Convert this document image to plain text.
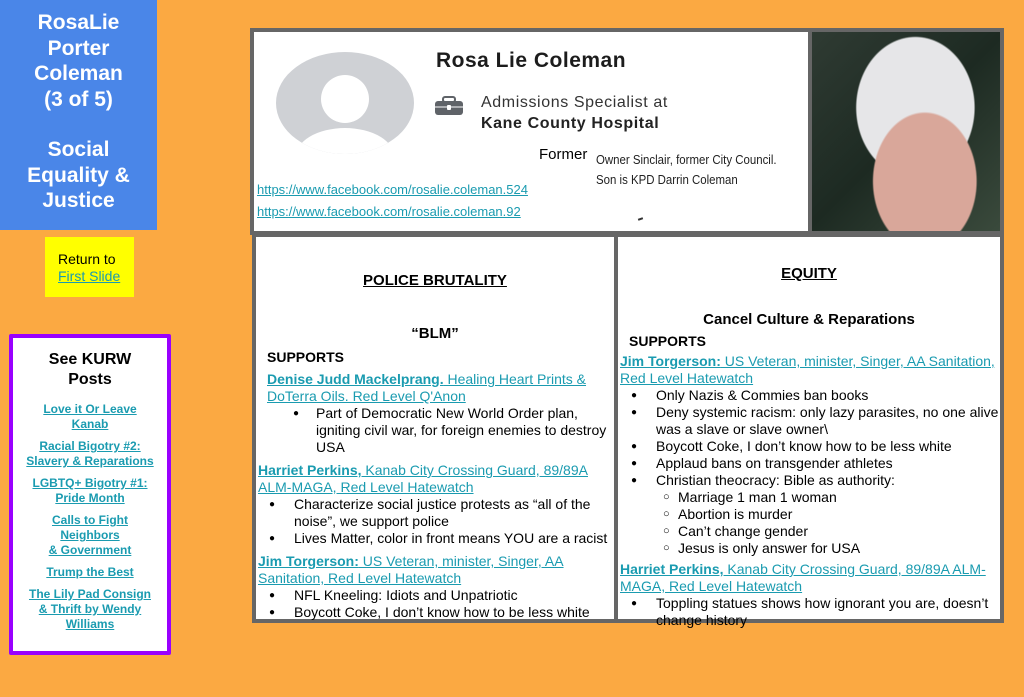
RosaLie
Porter
Coleman
(3 of 5)
Social
Equality &
Justice
Return to
First Slide
See KURW
Posts
Love it Or Leave
Kanab
Racial Bigotry #2:
Slavery & Reparations
LGBTQ+ Bigotry #1:
Pride Month
Calls to Fight
Neighbors
& Government
Trump the Best
The Lily Pad Consign
& Thrift by Wendy
Williams
Rosa Lie Coleman
Admissions Specialist at
Kane County Hospital
Former Owner Sinclair, former City Council.
Son is KPD Darrin Coleman
https://www.facebook.com/rosalie.coleman.524
https://www.facebook.com/rosalie.coleman.92
POLICE BRUTALITY
“BLM”
SUPPORTS
Denise Judd Mackelprang. Healing Heart Prints & DoTerra Oils. Red Level Q'Anon
● Part of Democratic New World Order plan, igniting civil war, for foreign enemies to destroy USA
Harriet Perkins, Kanab City Crossing Guard, 89/89A ALM-MAGA, Red Level Hatewatch
● Characterize social justice protests as “all of the noise”, we support police
● Lives Matter, color in front means YOU are a racist
Jim Torgerson: US Veteran, minister, Singer, AA Sanitation, Red Level Hatewatch
● NFL Kneeling: Idiots and Unpatriotic
● Boycott Coke, I don’t know how to be less white
EQUITY
Cancel Culture & Reparations
SUPPORTS
Jim Torgerson: US Veteran, minister, Singer, AA Sanitation, Red Level Hatewatch
● Only Nazis & Commies ban books
● Deny systemic racism: only lazy parasites, no one alive was a slave or slave owner\
● Boycott Coke, I don’t know how to be less white
● Applaud bans on transgender athletes
● Christian theocracy: Bible as authority:
○ Marriage 1 man 1 woman
○ Abortion is murder
○ Can’t change gender
○ Jesus is only answer for USA
Harriet Perkins, Kanab City Crossing Guard, 89/89A ALM-MAGA, Red Level Hatewatch
● Toppling statues shows how ignorant you are, doesn’t change history
